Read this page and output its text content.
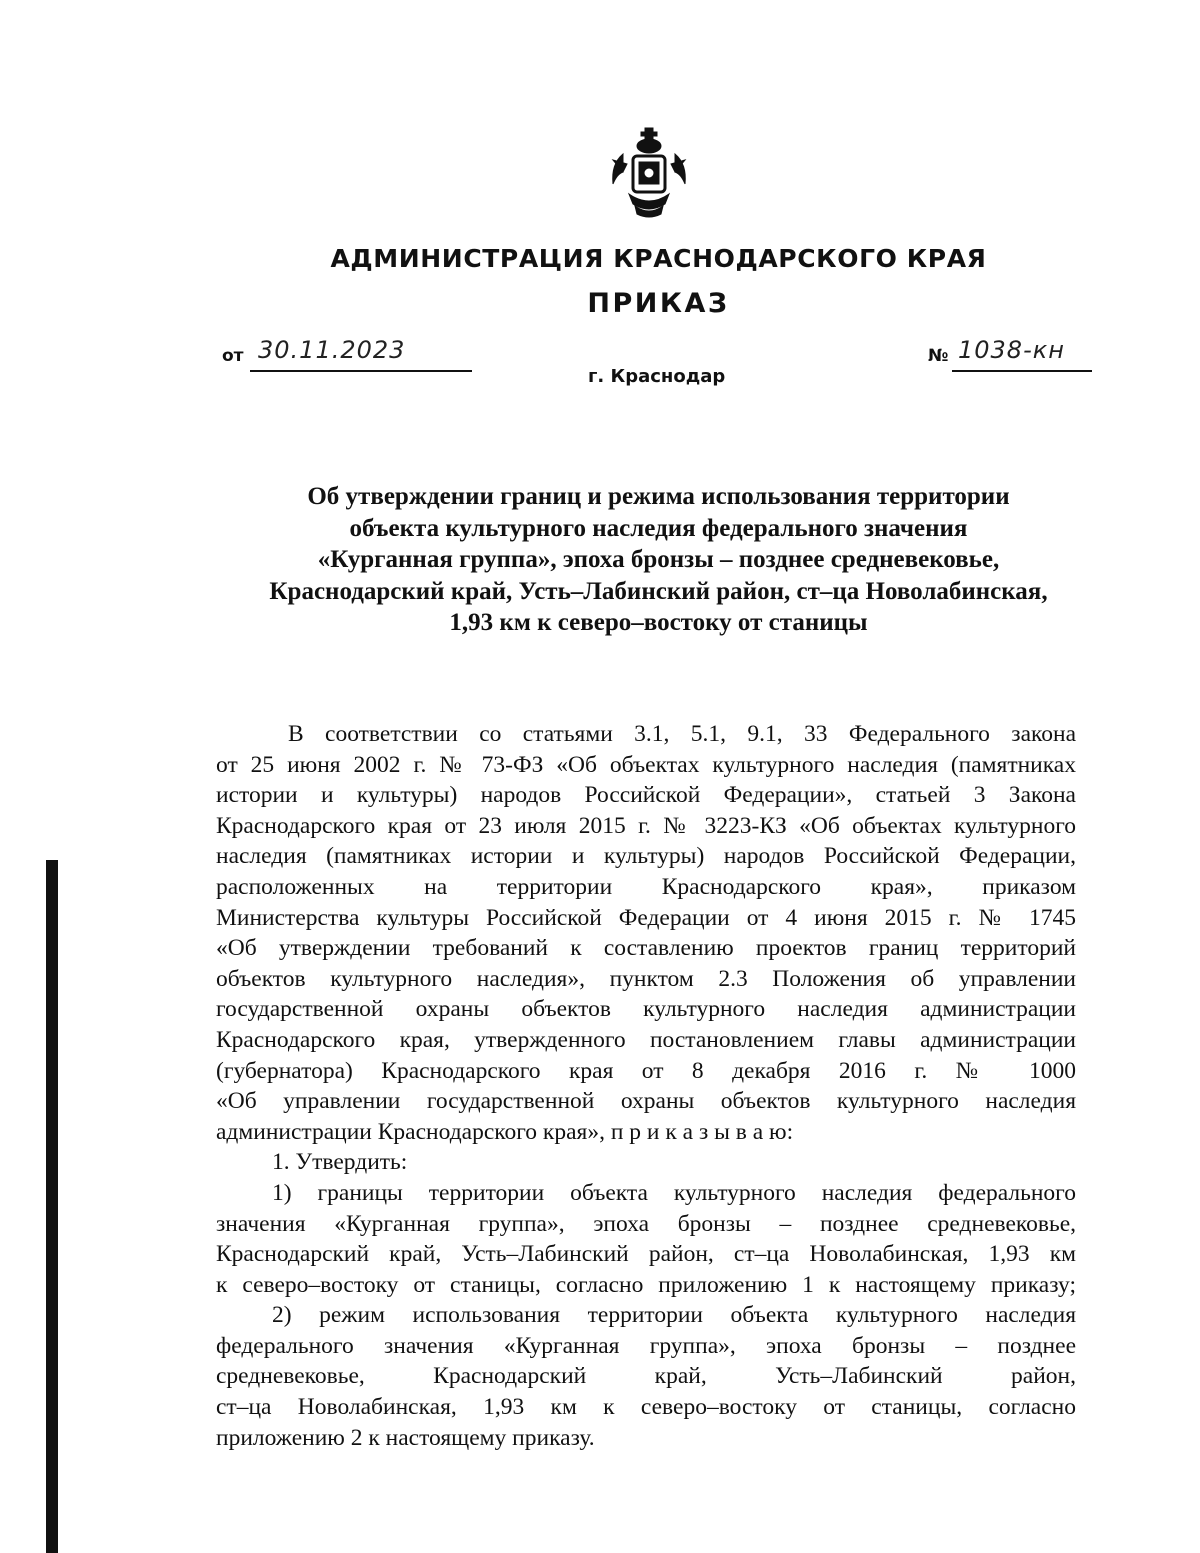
АДМИНИСТРАЦИЯ КРАСНОДАРСКОГО КРАЯ
ПРИКАЗ
от 30.11.2023	№ 1038-кн
г. Краснодар
Об утверждении границ и режима использования территории
объекта культурного наследия федерального значения
«Курганная группа», эпоха бронзы – позднее средневековье,
Краснодарский край, Усть–Лабинский район, ст–ца Новолабинская,
1,93 км к северо–востоку от станицы
В соответствии со статьями 3.1, 5.1, 9.1, 33 Федерального закона
от 25 июня 2002 г. № 73-ФЗ «Об объектах культурного наследия (памятниках
истории и культуры) народов Российской Федерации», статьей 3 Закона
Краснодарского края от 23 июля 2015 г. № 3223-КЗ «Об объектах культурного
наследия (памятниках истории и культуры) народов Российской Федерации,
расположенных на территории Краснодарского края», приказом
Министерства культуры Российской Федерации от 4 июня 2015 г. № 1745
«Об утверждении требований к составлению проектов границ территорий
объектов культурного наследия», пунктом 2.3 Положения об управлении
государственной охраны объектов культурного наследия администрации
Краснодарского края, утвержденного постановлением главы администрации
(губернатора) Краснодарского края от 8 декабря 2016 г. № 1000
«Об управлении государственной охраны объектов культурного наследия
администрации Краснодарского края», п р и к а з ы в а ю:
1. Утвердить:
1) границы территории объекта культурного наследия федерального
значения «Курганная группа», эпоха бронзы – позднее средневековье,
Краснодарский край, Усть–Лабинский район, ст–ца Новолабинская, 1,93 км
к северо–востоку от станицы, согласно приложению 1 к настоящему приказу;
2) режим использования территории объекта культурного наследия
федерального значения «Курганная группа», эпоха бронзы – позднее
средневековье, Краснодарский край, Усть–Лабинский район,
ст–ца Новолабинская, 1,93 км к северо–востоку от станицы, согласно
приложению 2 к настоящему приказу.
